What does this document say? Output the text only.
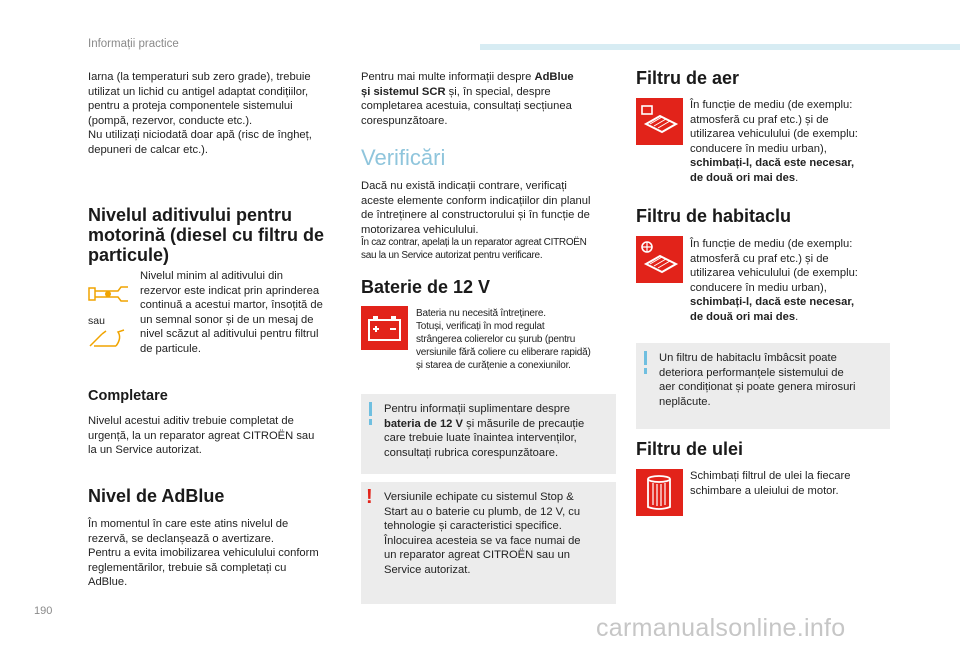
Informații practice
Iarna (la temperaturi sub zero grade), trebuie
utilizat un lichid cu antigel adaptat condițiilor,
pentru a proteja componentele sistemului
(pompă, rezervor, conducte etc.).
Nu utilizați niciodată doar apă (risc de îngheț,
depuneri de calcar etc.).
Nivelul aditivului pentru
motorină (diesel cu filtru de
particule)
sau
Nivelul minim al aditivului din
rezervor este indicat prin aprinderea
continuă a acestui martor, însoțită de
un semnal sonor și de un mesaj de
nivel scăzut al aditivului pentru filtrul
de particule.
Completare
Nivelul acestui aditiv trebuie completat de
urgență, la un reparator agreat CITROËN sau
la un Service autorizat.
Nivel de AdBlue
În momentul în care este atins nivelul de
rezervă, se declanșează o avertizare.
Pentru a evita imobilizarea vehiculului conform
reglementărilor, trebuie să completați cu
AdBlue.
Pentru mai multe informații despre AdBlue
și sistemul SCR și, în special, despre
completarea acestuia, consultați secțiunea
corespunzătoare.
Verificări
Dacă nu există indicații contrare, verificați
aceste elemente conform indicațiilor din planul
de întreținere al constructorului și în funcție de
motorizarea vehiculului.
În caz contrar, apelați la un reparator agreat CITROËN
sau la un Service autorizat pentru verificare.
Baterie de 12 V
Bateria nu necesită întreținere.
Totuși, verificați în mod regulat
strângerea colierelor cu șurub (pentru
versiunile fără coliere cu eliberare rapidă)
și starea de curățenie a conexiunilor.
Pentru informații suplimentare despre
bateria de 12 V și măsurile de precauție
care trebuie luate înaintea intervenților,
consultați rubrica corespunzătoare.
! Versiunile echipate cu sistemul Stop &
Start au o baterie cu plumb, de 12 V, cu
tehnologie și caracteristici specifice.
Înlocuirea acesteia se va face numai de
un reparator agreat CITROËN sau un
Service autorizat.
Filtru de aer
În funcție de mediu (de exemplu:
atmosferă cu praf etc.) și de
utilizarea vehiculului (de exemplu:
conducere în mediu urban),
schimbați-l, dacă este necesar,
de două ori mai des.
Filtru de habitaclu
În funcție de mediu (de exemplu:
atmosferă cu praf etc.) și de
utilizarea vehiculului (de exemplu:
conducere în mediu urban),
schimbați-l, dacă este necesar,
de două ori mai des.
Un filtru de habitaclu îmbâcsit poate
deteriora performanțele sistemului de
aer condiționat și poate genera mirosuri
neplăcute.
Filtru de ulei
Schimbați filtrul de ulei la fiecare
schimbare a uleiului de motor.
190
carmanualsonline.info
